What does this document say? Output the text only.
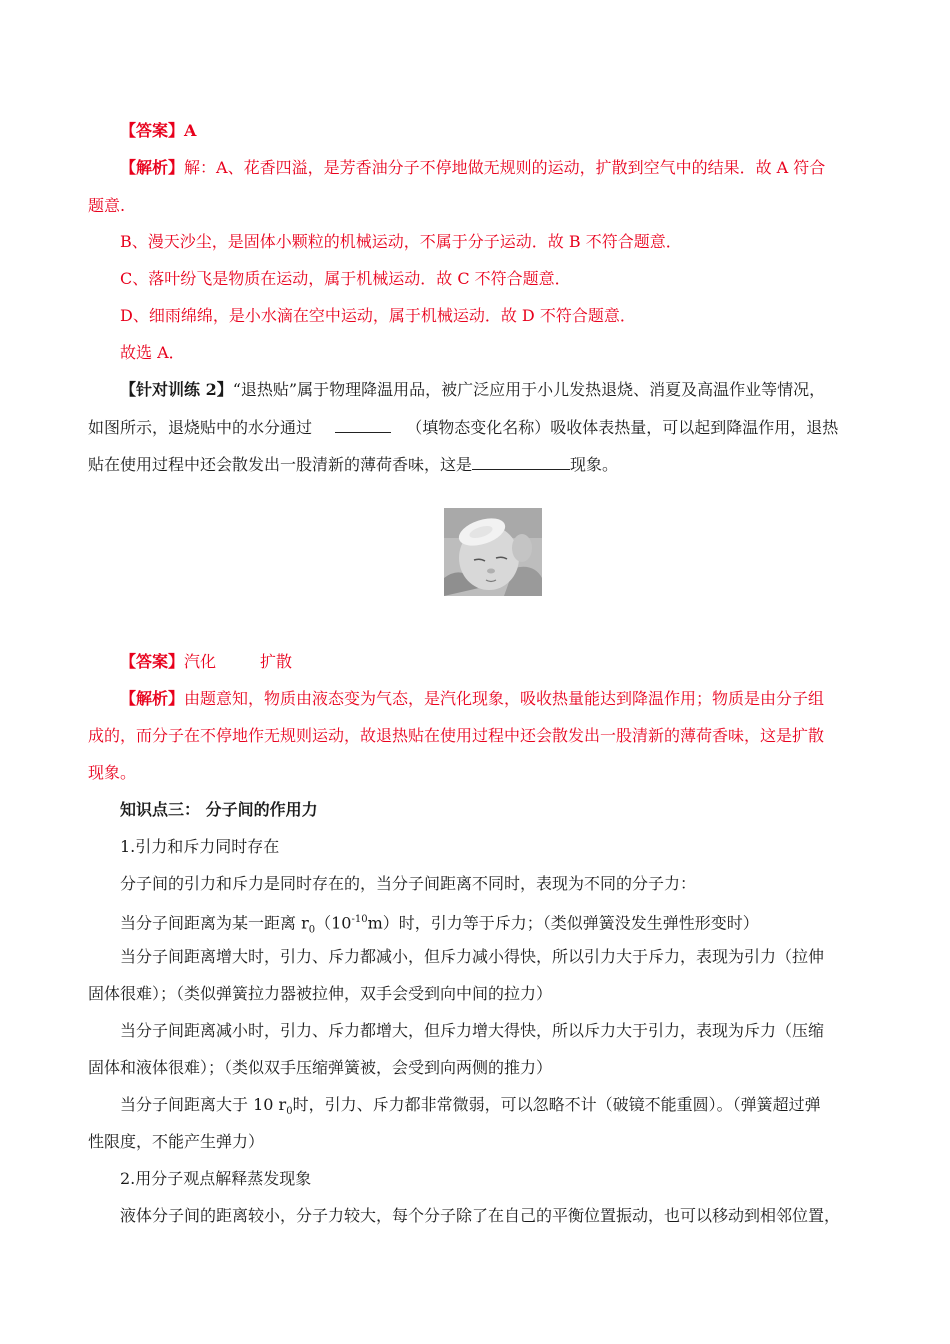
【答案】A
【解析】解：A、花香四溢，是芳香油分子不停地做无规则的运动，扩散到空气中的结果．故 A 符合
题意.
B、漫天沙尘，是固体小颗粒的机械运动，不属于分子运动．故 B 不符合题意．
C、落叶纷飞是物质在运动，属于机械运动．故 C 不符合题意．
D、细雨绵绵，是小水滴在空中运动，属于机械运动．故 D 不符合题意．
故选 A．
【针对训练 2】“退热贴”属于物理降温用品，被广泛应用于小儿发热退烧、消夏及高温作业等情况，
如图所示，退烧贴中的水分通过	（填物态变化名称）吸收体表热量，可以起到降温作用，退热
贴在使用过程中还会散发出一股清新的薄荷香味，这是	现象。
【答案】汽化	扩散
【解析】由题意知，物质由液态变为气态，是汽化现象，吸收热量能达到降温作用；物质是由分子组
成的，而分子在不停地作无规则运动，故退热贴在使用过程中还会散发出一股清新的薄荷香味，这是扩散
现象。
知识点三： 分子间的作用力
1.引力和斥力同时存在
分子间的引力和斥力是同时存在的，当分子间距离不同时，表现为不同的分子力：
当分子间距离为某一距离 $r_0(10^{-10}m)$时，引力等于斥力；（类似弹簧没发生弹性形变时）
当分子间距离增大时，引力、斥力都减小，但斥力减小得快，所以引力大于斥力，表现为引力（拉伸
固体很难）；（类似弹簧拉力器被拉伸，双手会受到向中间的拉力）
当分子间距离减小时，引力、斥力都增大，但斥力增大得快，所以斥力大于引力，表现为斥力（压缩
固体和液体很难）；（类似双手压缩弹簧被，会受到向两侧的推力）
当分子间距离大于 10 $r_0$时，引力、斥力都非常微弱，可以忽略不计（破镜不能重圆）。（弹簧超过弹
性限度，不能产生弹力）
2.用分子观点解释蒸发现象
液体分子间的距离较小，分子力较大，每个分子除了在自己的平衡位置振动，也可以移动到相邻位置，
